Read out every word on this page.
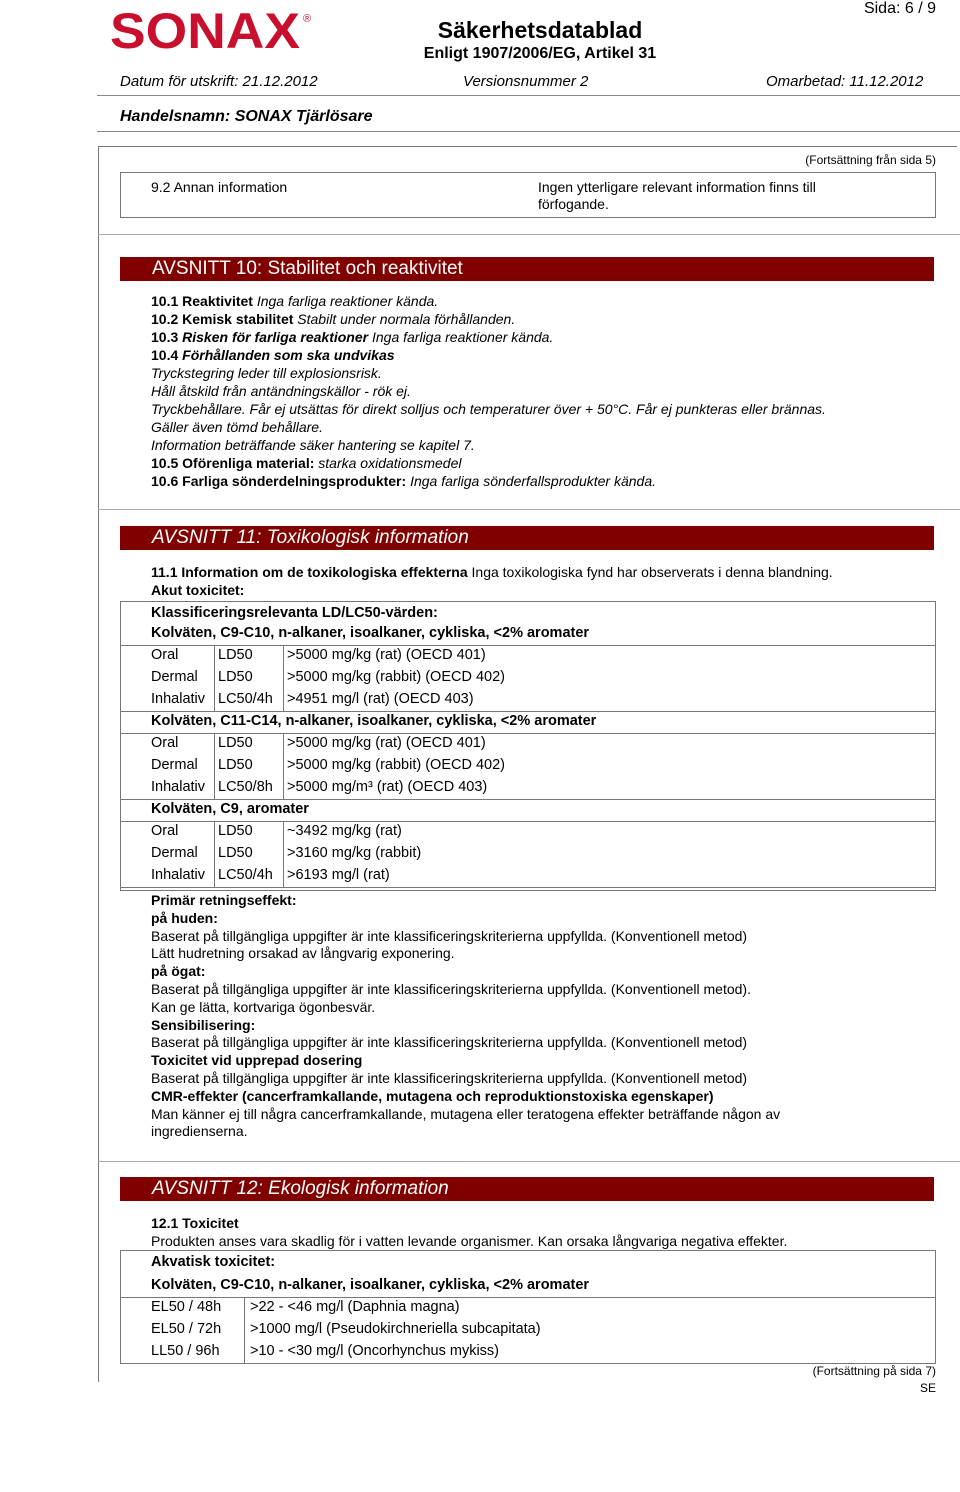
SONAX ®	Säkerhetsdatablad
Enligt 1907/2006/EG, Artikel 31
Sida: 6 / 9
Datum för utskrift: 21.12.2012	Versionsnummer 2	Omarbetad: 11.12.2012
Handelsnamn: SONAX Tjärlösare
(Fortsättning från sida 5)
9.2 Annan information	Ingen ytterligare relevant information finns till förfogande.
AVSNITT 10: Stabilitet och reaktivitet
10.1 Reaktivitet Inga farliga reaktioner kända.
10.2 Kemisk stabilitet Stabilt under normala förhållanden.
10.3 Risken för farliga reaktioner Inga farliga reaktioner kända.
10.4 Förhållanden som ska undvikas
Tryckstegring leder till explosionsrisk.
Håll åtskild från antändningskällor - rök ej.
Tryckbehållare. Får ej utsättas för direkt solljus och temperaturer över + 50°C. Får ej punkteras eller brännas.
Gäller även tömd behållare.
Information beträffande säker hantering se kapitel 7.
10.5 Oförenliga material: starka oxidationsmedel
10.6 Farliga sönderdelningsprodukter: Inga farliga sönderfallsprodukter kända.
AVSNITT 11: Toxikologisk information
11.1 Information om de toxikologiska effekterna Inga toxikologiska fynd har observerats i denna blandning.
Akut toxicitet:
Klassificeringsrelevanta LD/LC50-värden:
Kolväten, C9-C10, n-alkaner, isoalkaner, cykliska, <2% aromater
Oral	LD50 >5000 mg/kg (rat) (OECD 401)
Dermal LD50 >5000 mg/kg (rabbit) (OECD 402)
Inhalativ LC50/4h >4951 mg/l (rat) (OECD 403)
Kolväten, C11-C14, n-alkaner, isoalkaner, cykliska, <2% aromater
Oral	LD50 >5000 mg/kg (rat) (OECD 401)
Dermal LD50 >5000 mg/kg (rabbit) (OECD 402)
Inhalativ LC50/8h >5000 mg/m³ (rat) (OECD 403)
Kolväten, C9, aromater
Oral	LD50 ~3492 mg/kg (rat)
Dermal LD50 >3160 mg/kg (rabbit)
Inhalativ LC50/4h >6193 mg/l (rat)
Primär retningseffekt:
på huden:
Baserat på tillgängliga uppgifter är inte klassificeringskriterierna uppfyllda. (Konventionell metod)
Lätt hudretning orsakad av långvarig exponering.
på ögat:
Baserat på tillgängliga uppgifter är inte klassificeringskriterierna uppfyllda. (Konventionell metod).
Kan ge lätta, kortvariga ögonbesvär.
Sensibilisering:
Baserat på tillgängliga uppgifter är inte klassificeringskriterierna uppfyllda. (Konventionell metod)
Toxicitet vid upprepad dosering
Baserat på tillgängliga uppgifter är inte klassificeringskriterierna uppfyllda. (Konventionell metod)
CMR-effekter (cancerframkallande, mutagena och reproduktionstoxiska egenskaper)
Man känner ej till några cancerframkallande, mutagena eller teratogena effekter beträffande någon av
ingredienserna.
AVSNITT 12: Ekologisk information
12.1 Toxicitet
Produkten anses vara skadlig för i vatten levande organismer. Kan orsaka långvariga negativa effekter.
Akvatisk toxicitet:
Kolväten, C9-C10, n-alkaner, isoalkaner, cykliska, <2% aromater
EL50 / 48h >22 - <46 mg/l (Daphnia magna)
EL50 / 72h >1000 mg/l (Pseudokirchneriella subcapitata)
LL50 / 96h >10 - <30 mg/l (Oncorhynchus mykiss)
(Fortsättning på sida 7)
SE
